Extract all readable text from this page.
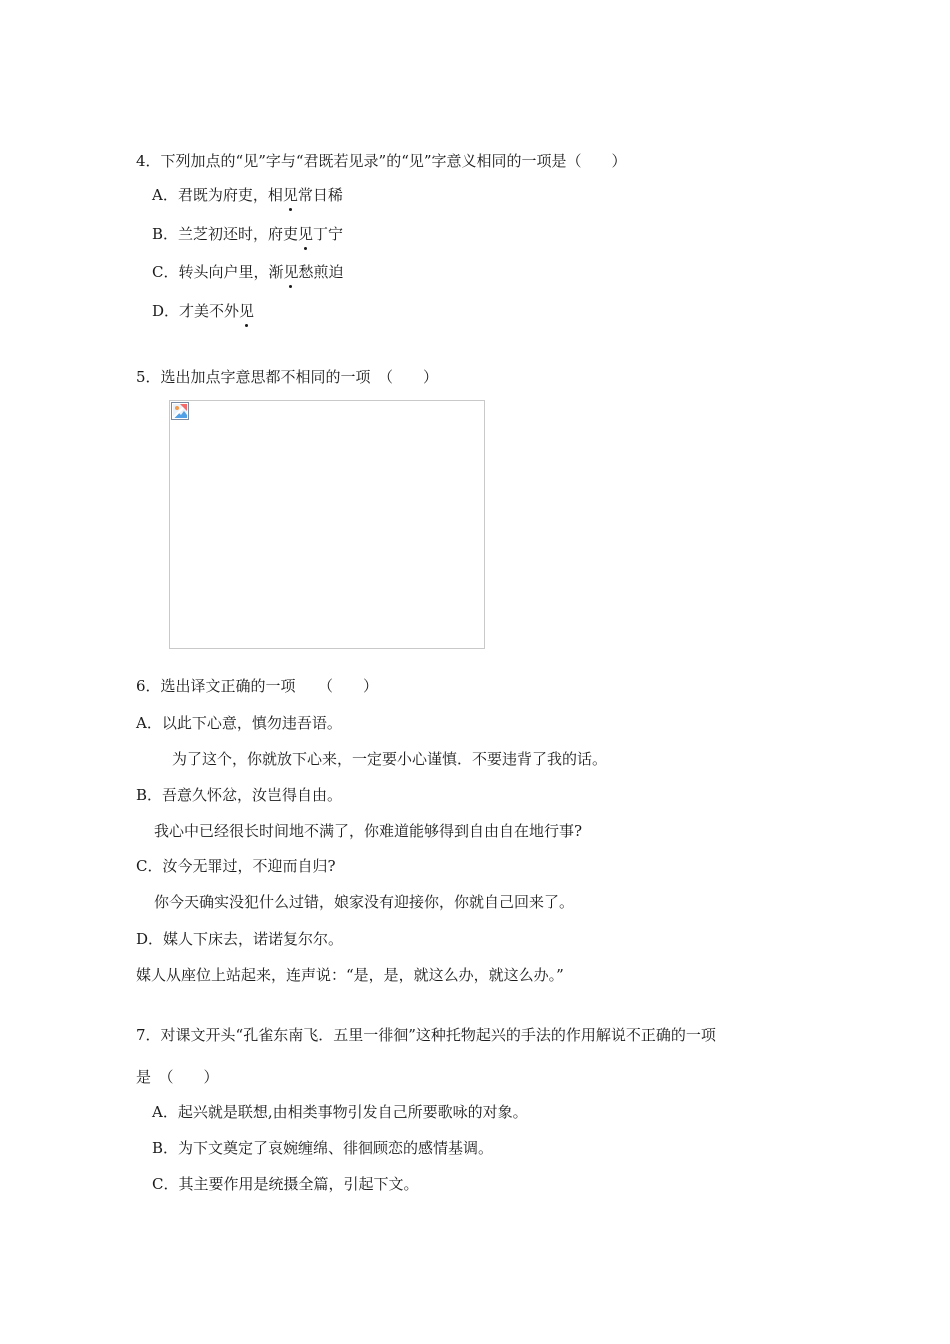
4．下列加点的“见”字与“君既若见录”的“见”字意义相同的一项是（　　）
A．君既为府吏，相见常日稀
B．兰芝初还时，府吏见丁宁
C．转头向户里，渐见愁煎迫
D．才美不外见
5．选出加点字意思都不相同的一项　（　　）
6．选出译文正确的一项　　（　　）
A．以此下心意，慎勿违吾语。
为了这个，你就放下心来，一定要小心谨慎．不要违背了我的话。
B．吾意久怀忿，汝岂得自由。
我心中已经很长时间地不满了，你难道能够得到自由自在地行事?
C．汝今无罪过，不迎而自归?
你今天确实没犯什么过错，娘家没有迎接你，你就自己回来了。
D．媒人下床去，诺诺复尔尔。
媒人从座位上站起来，连声说：“是，是，就这么办，就这么办。”
7．对课文开头“孔雀东南飞．五里一徘徊”这种托物起兴的手法的作用解说不正确的一项
是　（　　）
A．起兴就是联想,由相类事物引发自己所要歌咏的对象。
B．为下文奠定了哀婉缠绵、徘徊顾恋的感情基调。
C．其主要作用是统摄全篇，引起下文。
